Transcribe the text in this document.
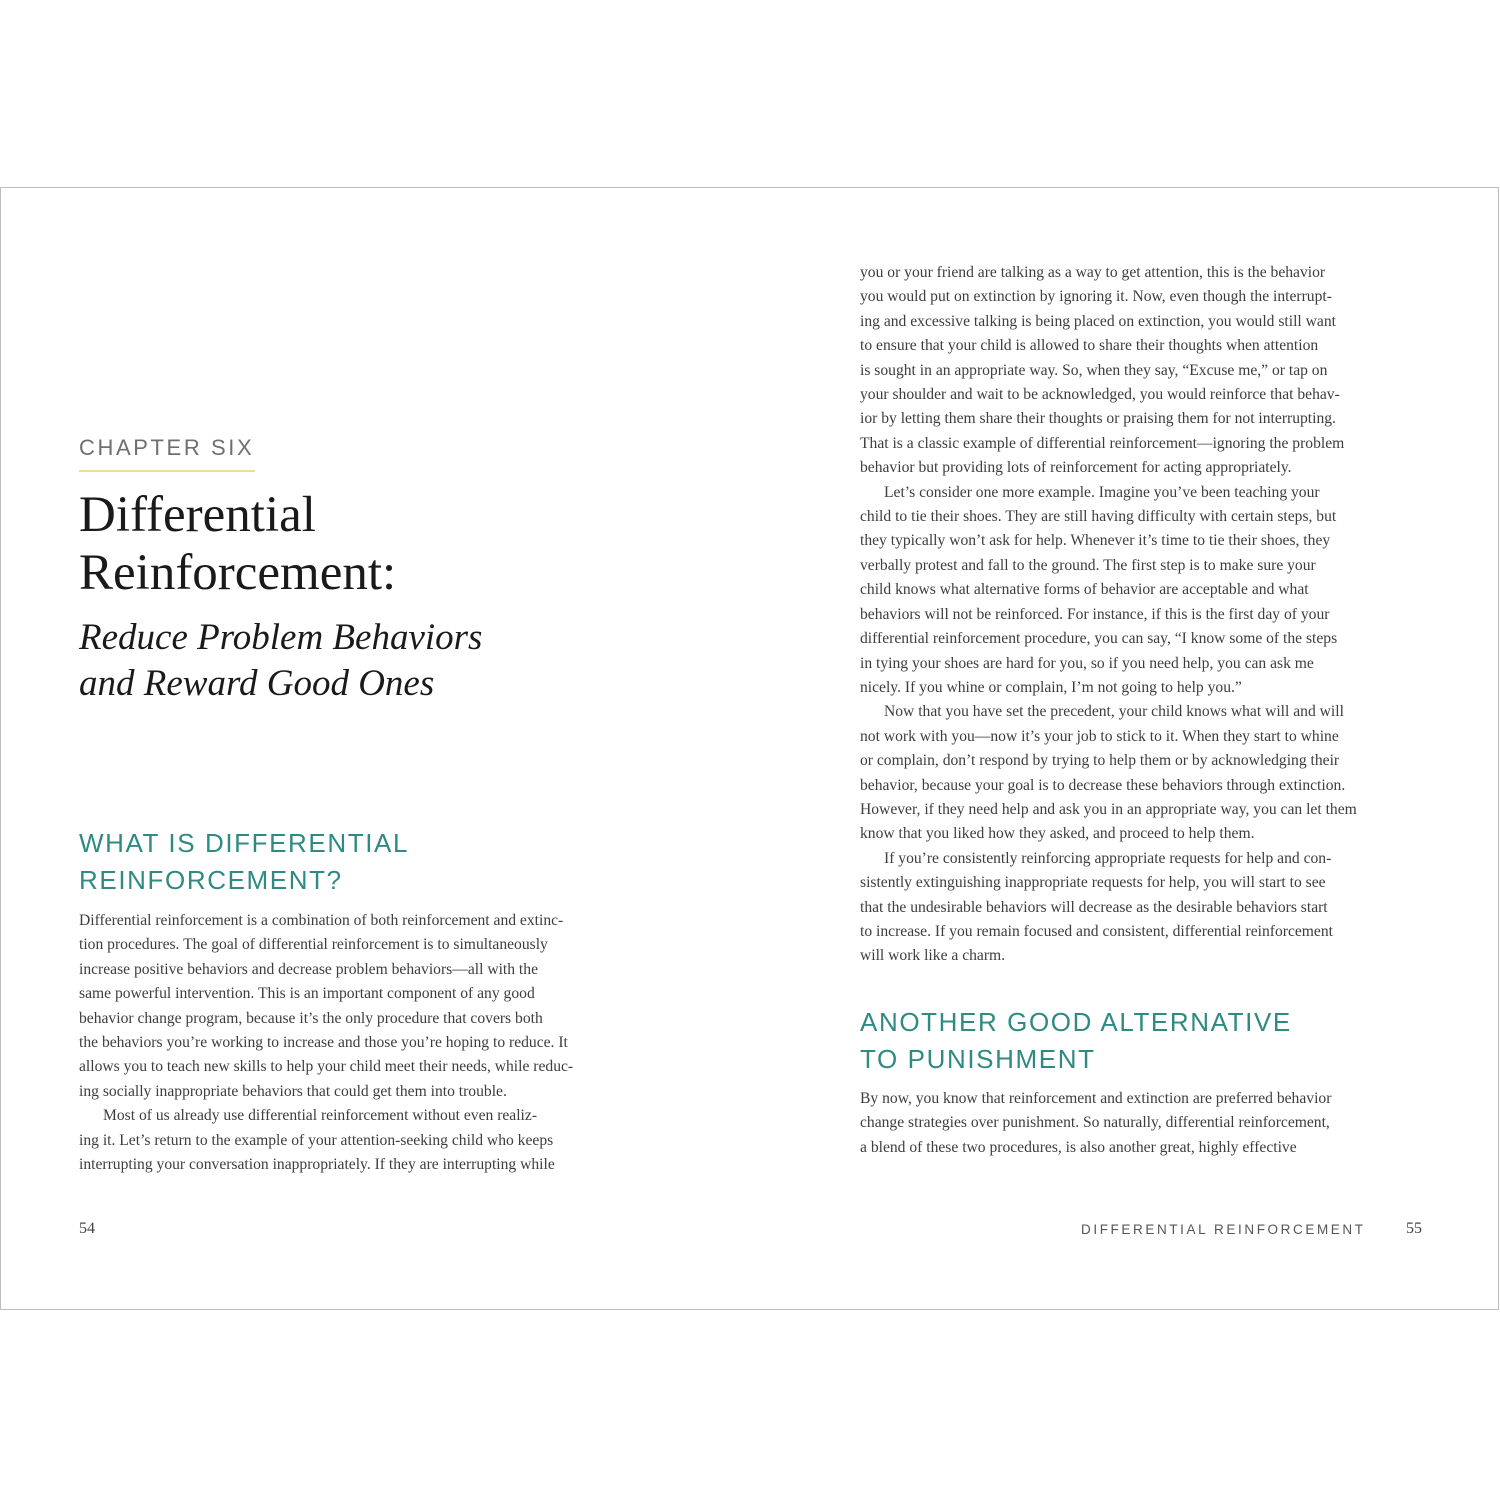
CHAPTER SIX
Differential
Reinforcement:
Reduce Problem Behaviors
and Reward Good Ones
WHAT IS DIFFERENTIAL
REINFORCEMENT?
Differential reinforcement is a combination of both reinforcement and extinc-
tion procedures. The goal of differential reinforcement is to simultaneously
increase positive behaviors and decrease problem behaviors—all with the
same powerful intervention. This is an important component of any good
behavior change program, because it’s the only procedure that covers both
the behaviors you’re working to increase and those you’re hoping to reduce. It
allows you to teach new skills to help your child meet their needs, while reduc-
ing socially inappropriate behaviors that could get them into trouble.
Most of us already use differential reinforcement without even realiz-
ing it. Let’s return to the example of your attention-seeking child who keeps
interrupting your conversation inappropriately. If they are interrupting while
54
you or your friend are talking as a way to get attention, this is the behavior
you would put on extinction by ignoring it. Now, even though the interrupt-
ing and excessive talking is being placed on extinction, you would still want
to ensure that your child is allowed to share their thoughts when attention
is sought in an appropriate way. So, when they say, “Excuse me,” or tap on
your shoulder and wait to be acknowledged, you would reinforce that behav-
ior by letting them share their thoughts or praising them for not interrupting.
That is a classic example of differential reinforcement—ignoring the problem
behavior but providing lots of reinforcement for acting appropriately.
Let’s consider one more example. Imagine you’ve been teaching your
child to tie their shoes. They are still having difficulty with certain steps, but
they typically won’t ask for help. Whenever it’s time to tie their shoes, they
verbally protest and fall to the ground. The first step is to make sure your
child knows what alternative forms of behavior are acceptable and what
behaviors will not be reinforced. For instance, if this is the first day of your
differential reinforcement procedure, you can say, “I know some of the steps
in tying your shoes are hard for you, so if you need help, you can ask me
nicely. If you whine or complain, I’m not going to help you.”
Now that you have set the precedent, your child knows what will and will
not work with you—now it’s your job to stick to it. When they start to whine
or complain, don’t respond by trying to help them or by acknowledging their
behavior, because your goal is to decrease these behaviors through extinction.
However, if they need help and ask you in an appropriate way, you can let them
know that you liked how they asked, and proceed to help them.
If you’re consistently reinforcing appropriate requests for help and con-
sistently extinguishing inappropriate requests for help, you will start to see
that the undesirable behaviors will decrease as the desirable behaviors start
to increase. If you remain focused and consistent, differential reinforcement
will work like a charm.
ANOTHER GOOD ALTERNATIVE
TO PUNISHMENT
By now, you know that reinforcement and extinction are preferred behavior
change strategies over punishment. So naturally, differential reinforcement,
a blend of these two procedures, is also another great, highly effective
DIFFERENTIAL REINFORCEMENT	55
